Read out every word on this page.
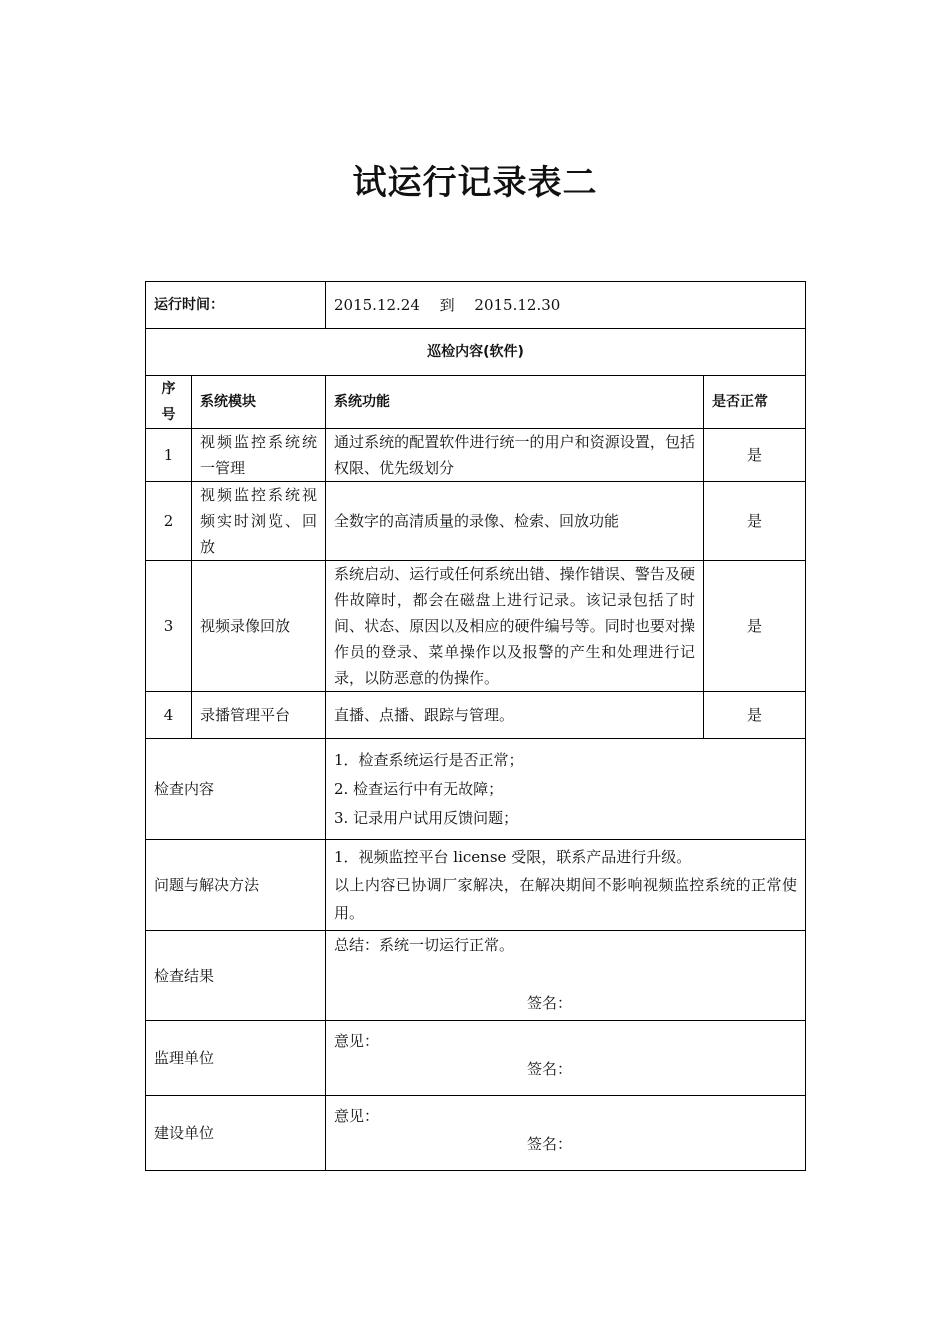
试运行记录表二
运行时间：		2015.12.24　 到　 2015.12.30	
巡检内容(软件)			
序号	系统模块	系统功能	是否正常
1	视频监控系统统一管理	通过系统的配置软件进行统一的用户和资源设置，包括权限、优先级划分	是
2	视频监控系统视频实时浏览、回放	全数字的高清质量的录像、检索、回放功能	是
3	视频录像回放	系统启动、运行或任何系统出错、操作错误、警告及硬件故障时，都会在磁盘上进行记录。该记录包括了时间、状态、原因以及相应的硬件编号等。同时也要对操作员的登录、菜单操作以及报警的产生和处理进行记录，以防恶意的伪操作。	是
4	录播管理平台	直播、点播、跟踪与管理。	是
检查内容		1．检查系统运行是否正常；
2. 检查运行中有无故障；
3. 记录用户试用反馈问题；	

问题与解决方法		1．视频监控平台 license 受限，联系产品进行升级。
以上内容已协调厂家解决，在解决期间不影响视频监控系统的正常使用。	

检查结果		总结：系统一切运行正常。
签名：	

监理单位		意见：
签名：	

建设单位		意见：
签名：	
